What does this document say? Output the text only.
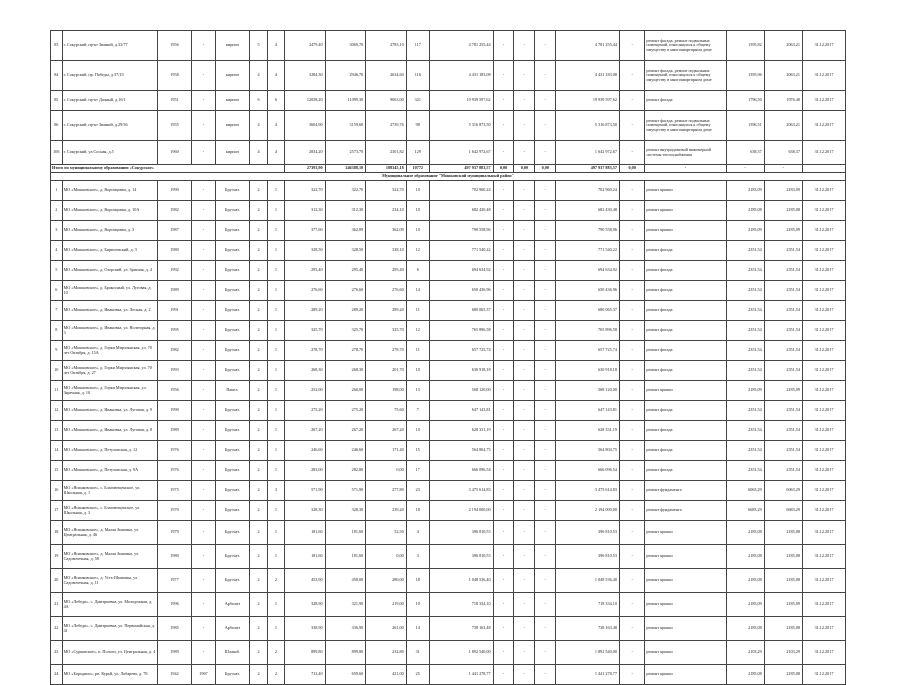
83	г. Сокурский, пр-кт Зимний, д.33/77	1956	-	кирпич	5	4	3479,40	3069,70	2783,10	117	4 781 255,44	-	-	-	4 781 255,44	-	ремонт фасада, ремонт подвальных помещений, относящихся к общему имуществу в многоквартирном доме	1395,82	2063,21	31.12.2017
84	г. Сокурский, пр. Победы, д.57/19	1958	-	кирпич	4	4	3284,30	2946,70	2634,60	116	4 431 183,08	-	-	-	4 431 183,08	-	ремонт фасада, ремонт подвальных помещений, относящихся к общему имуществу в многоквартирном доме	1395,96	2063,21	31.12.2017
85	г. Сокурский, пр-кт Дачный, д.16/1	1951	-	кирпич	6	6	12058,20	11099,30	9063,00	321	19 939 597,62	-	-	-	19 939 597,62	-	ремонт фасада	1796,50	1976,40	31.12.2017
86	г. Сокурский, пр-кт Зимний, д.29/36	1955	-	кирпич	4	4	3604,90	3159,60	2739,76	98	5 316 873,50	-	-	-	5 316 873,50	-	ремонт фасада, ремонт подвальных помещений, относящихся к общему имуществу в многоквартирном доме	1396,51	2063,21	31.12.2017
106	г. Сокурский, ул.Сосная, д.5	1960	-	кирпич	4	4	2834,20	2573,70	2301,82	129	1 642 972,67	-	-	-	1 642 972,67	-	ремонт внутридомовой инженерной системы теплоснабжения	638,37	638,37	31.12.2017
Итого по муниципальному образованию «Сокурское»							27393,90	246388,10	188345,18	10772	497 937 883,57	0,00	0,00	0,00	497 937 883,57	0,00	-	-	-	
Муниципальное образование "Мошковский муниципальный район"																				
1	МО «Мошковское», д. Воронцовка, д. 14	1990	-	Брусчат.	2	1	322,70	322,70	322,70	10	702 960,24	-	-	-	702 960,24	-	ремонт крыши	2183,09	2183,09	31.12.2017
2	МО «Мошковское», д. Воронцовка, д. 10А	1982	-	Брусчат.	2	1	312,30	312,30	234,10	10	682 430,48	-	-	-	682 430,48	-	ремонт крыши	2185,08	2185,08	31.12.2017
3	МО «Мошковское», д. Воронцовка, д. 3	1987	-	Брусчат.	2	1	377,60	362,09	362,09	10	790 558,96	-	-	-	790 558,96	-	ремонт крыши	2185,09	2185,09	31.12.2017
4	МО «Мошковское», д. Бирюлевский, д. 3	1980	-	Брусчат.	2	1	328,50	328,50	328,10	12	771 540,22	-	-	-	771 540,22	-	ремонт фасада	2351,54	2351,54	31.12.2017
5	МО «Мошковское», д. Озерский, ул. Зрятная, д. 4	1992	-	Брусчат.	2	1	295,40	295,40	295,40	6	694 634,92	-	-	-	694 634,92	-	ремонт фасада	2351,54	2351,54	31.12.2017
6	МО «Мошковское», д. Бракосный, ул. Луговая, д. 10	1989	-	Брусчат.	2	1	276,60	276,60	276,60	14	650 436,96	-	-	-	650 436,96	-	ремонт фасада	2351,54	2351,54	31.12.2017
7	МО «Мошковское», д. Ивановка, ул. Лесная, д. 2	1991	-	Брусчат.	2	1	289,20	289,20	289,20	11	680 065,37	-	-	-	680 065,37	-	ремонт фасада	2351,54	2351,54	31.12.2017
8	МО «Мошковское», д. Ивановка, ул. Нолегорная, д. 3	1995	-	Брусчат.	2	1	325,70	325,70	325,70	12	765 896,58	-	-	-	765 896,58	-	ремонт фасада	2351,54	2351,54	31.12.2017
9	МО «Мошковское», д. Горки Мирзоянская, ул. 70 лет Октября, д. 15А	1982	-	Брусчат.	2	1	278,70	278,70	278,70	11	657 725,74	-	-	-	657 725,74	-	ремонт фасада	2351,54	2351,54	31.12.2017
10	МО «Мошковское», д. Горки Мирзоянская, ул. 70 лет Октября, д. 27	1993	-	Брусчат.	2	1	268,30	268,30	201,70	10	630 918,18	-	-	-	630 918,18	-	ремонт фасада	2351,54	2351,54	31.12.2017
11	МО «Мошковское», д. Горки Мирзоянская, ул. Заречная, д. 10	1956	-	Панел.	2	1	252,00	260,00	198,00	13	568 120,00	-	-	-	568 120,00	-	ремонт крыши	2185,09	2185,09	31.12.2017
12	МО «Мошковское», д. Ивановка, ул. Луговая, д. 9	1990	-	Брусчат.	2	1	275,20	275,20	75,60	7	647 143,81	-	-	-	647 143,81	-	ремонт фасада	2351,54	2351,54	31.12.2017
13	МО «Мошковское», д. Ивановка, ул. Луговая, д. 8	1989	-	Брусчат.	2	1	267,20	267,20	267,20	10	628 331,19	-	-	-	628 331,19	-	ремонт фасада	2351,54	2351,54	31.12.2017
14	МО «Мошковское», д. Петуховская, д. 12	1976	-	Брусчат.	2	1	246,60	246,60	171,40	15	564 804,75	-	-	-	564 804,75	-	ремонт фасада	2351,54	2351,54	31.12.2017
15	МО «Мошковское», д. Петуховская, д. 9А	1976	-	Брусчат.	2	1	283,00	282,80	0,00	17	666 096,54	-	-	-	666 096,54	-	ремонт фасада	2351,54	2351,54	31.12.2017
16	МО «Ясинковское», с. Благовещенское, ул. Школьная, д. 1	1975	-	Брусчат.	2	3	571,90	571,90	277,80	23	3 475 614,83	-	-	-	3 475 614,83	-	ремонт фундамента	6063,29	6063,29	31.12.2017
17	МО «Ясинковское», с. Благовещенское, ул. Школьная, д. 3	1970	-	Брусчат.	2	1	328,30	328,30	239,20	18	2 194 000,00	-	-	-	2 194 000,00	-	ремонт фундамента	6683,29	6683,29	31.12.2017
18	МО «Ясинковское», д. Малая Зимовка, ул. Центральная, д. 46	1979	-	Брусчат.	2	1	181,60	181,60	52,50	4	396 810,53	-	-	-	396 810,53	-	ремонт крыши	2185,08	2185,08	31.12.2017
19	МО «Ясинковское», д. Малая Зимовка, ул. Садовочечная, д. 58	1980	-	Брусчат.	2	1	181,60	181,60	0,00	3	396 810,53	-	-	-	396 810,53	-	ремонт крыши	2185,08	2185,08	31.12.2017
20	МО «Ясинковское», д. Усть-Шимовка, ул. Садовочечная, д. 11	1977	-	Брусчат.	2	2	453,90	458,00	280,00	18	1 048 536,40	-	-	-	1 048 536,40	-	ремонт крыши	2185,08	2185,08	31.12.2017
21	МО «Лебеди», с. Дмитриевка, ул. Молодежная, д. 4А	1996	-	Арболит	2	1	328,90	321,90	219,00	10	718 334,10	-	-	-	718 334,10	-	ремонт крыши	2185,09	2185,09	31.12.2017
22	МО «Лебеди», с. Дмитриевка, ул. Первомайская, д. 41	1985	-	Арболит	2	1	338,90	336,90	261,00	14	738 163,48	-	-	-	738 163,48	-	ремонт крыши	2185,08	2185,08	31.12.2017
23	МО «Сурковское», п. Пологи, ул. Центральная, д. 4	1989	-	Шлакоб.	2	2	899,80	899,80	232,80	31	1 892 540,00	-	-	-	1 892 540,00	-	ремонт крыши	2103,29	2103,29	31.12.2017
24	МО «Бородино», рп. Курьй, ул. Лобарева, д. 78	1942	1967	Брусчат.	2	2	712,40	659,60	421,00	25	1 441 278,77	-	-	-	1 441 278,77	-	ремонт крыши	2185,08	2185,08	31.12.2017
